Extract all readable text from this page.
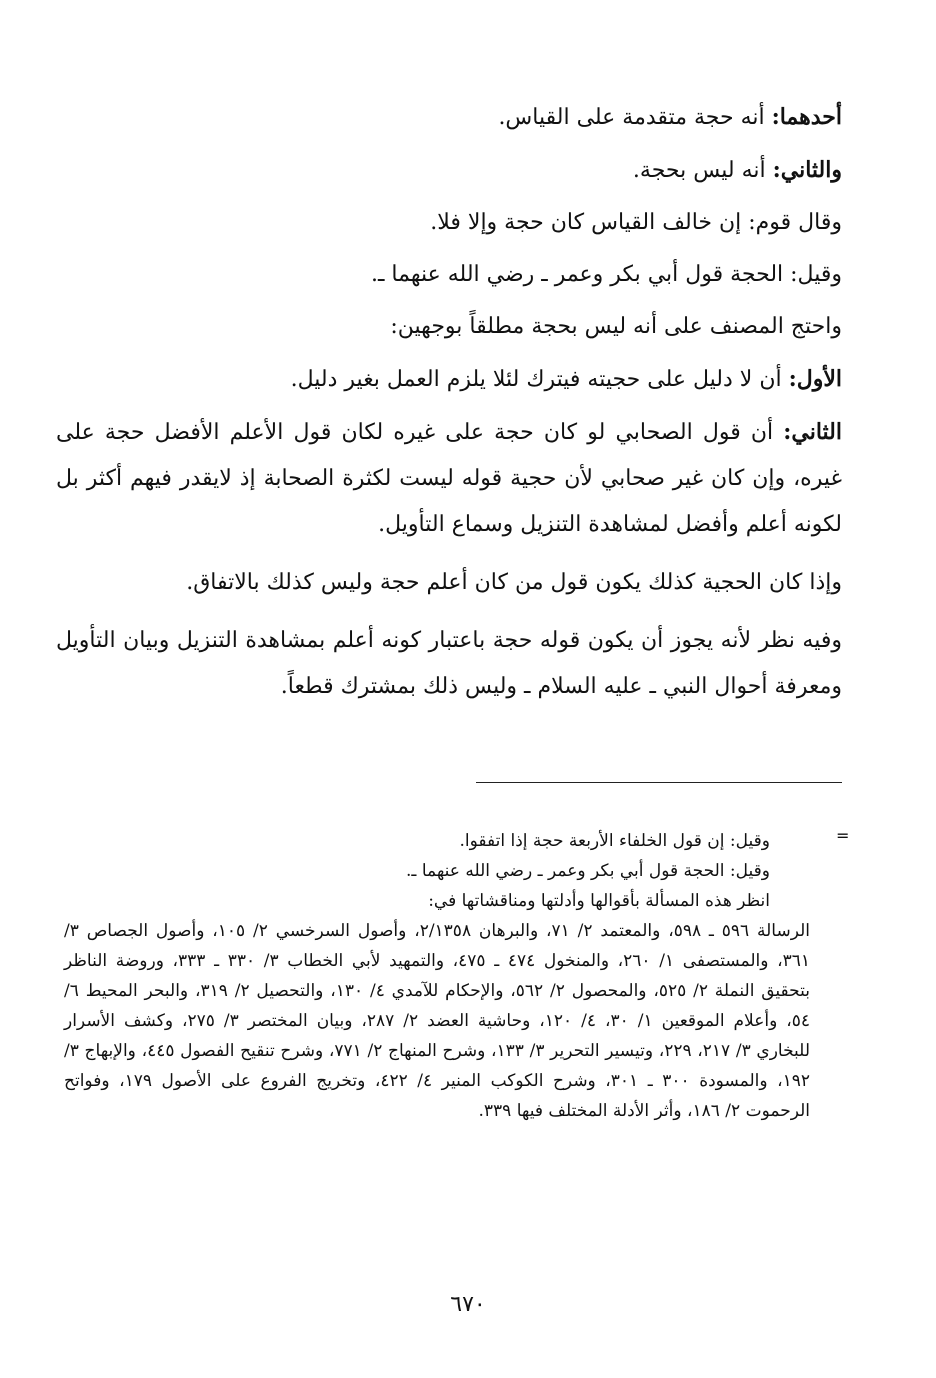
أحدهما: أنه حجة متقدمة على القياس.

والثاني: أنه ليس بحجة.

وقال قوم: إن خالف القياس كان حجة وإلا فلا.

وقيل: الحجة قول أبي بكر وعمر ـ رضي الله عنهما ـ.

واحتج المصنف على أنه ليس بحجة مطلقاً بوجهين:

الأول: أن لا دليل على حجيته فيترك لئلا يلزم العمل بغير دليل.

الثاني: أن قول الصحابي لو كان حجة على غيره لكان قول الأعلم الأفضل حجة على غيره، وإن كان غير صحابي لأن حجية قوله ليست لكثرة الصحابة إذ لايقدر فيهم أكثر بل لكونه أعلم وأفضل لمشاهدة التنزيل وسماع التأويل.

وإذا كان الحجية كذلك يكون قول من كان أعلم حجة وليس كذلك بالاتفاق.

وفيه نظر لأنه يجوز أن يكون قوله حجة باعتبار كونه أعلم بمشاهدة التنزيل وبيان التأويل ومعرفة أحوال النبي ـ عليه السلام ـ وليس ذلك بمشترك قطعاً.

=

وقيل: إن قول الخلفاء الأربعة حجة إذا اتفقوا.

وقيل: الحجة قول أبي بكر وعمر ـ رضي الله عنهما ـ.

انظر هذه المسألة بأقوالها وأدلتها ومناقشاتها في:

الرسالة ٥٩٦ ـ ٥٩٨، والمعتمد ٢/ ٧١، والبرهان ٢/١٣٥٨، وأصول السرخسي ٢/ ١٠٥، وأصول الجصاص ٣/ ٣٦١، والمستصفى ١/ ٢٦٠، والمنخول ٤٧٤ ـ ٤٧٥، والتمهيد لأبي الخطاب ٣/ ٣٣٠ ـ ٣٣٣، وروضة الناظر بتحقيق النملة ٢/ ٥٢٥، والمحصول ٢/ ٥٦٢، والإحكام للآمدي ٤/ ١٣٠، والتحصيل ٢/ ٣١٩، والبحر المحيط ٦/ ٥٤، وأعلام الموقعين ١/ ٣٠، ٤/ ١٢٠، وحاشية العضد ٢/ ٢٨٧، وبيان المختصر ٣/ ٢٧٥، وكشف الأسرار للبخاري ٣/ ٢١٧، ٢٢٩، وتيسير التحرير ٣/ ١٣٣، وشرح المنهاج ٢/ ٧٧١، وشرح تنقيح الفصول ٤٤٥، والإبهاج ٣/ ١٩٢، والمسودة ٣٠٠ ـ ٣٠١، وشرح الكوكب المنير ٤/ ٤٢٢، وتخريج الفروع على الأصول ١٧٩، وفواتح الرحموت ٢/ ١٨٦، وأثر الأدلة المختلف فيها ٣٣٩.

٦٧٠
